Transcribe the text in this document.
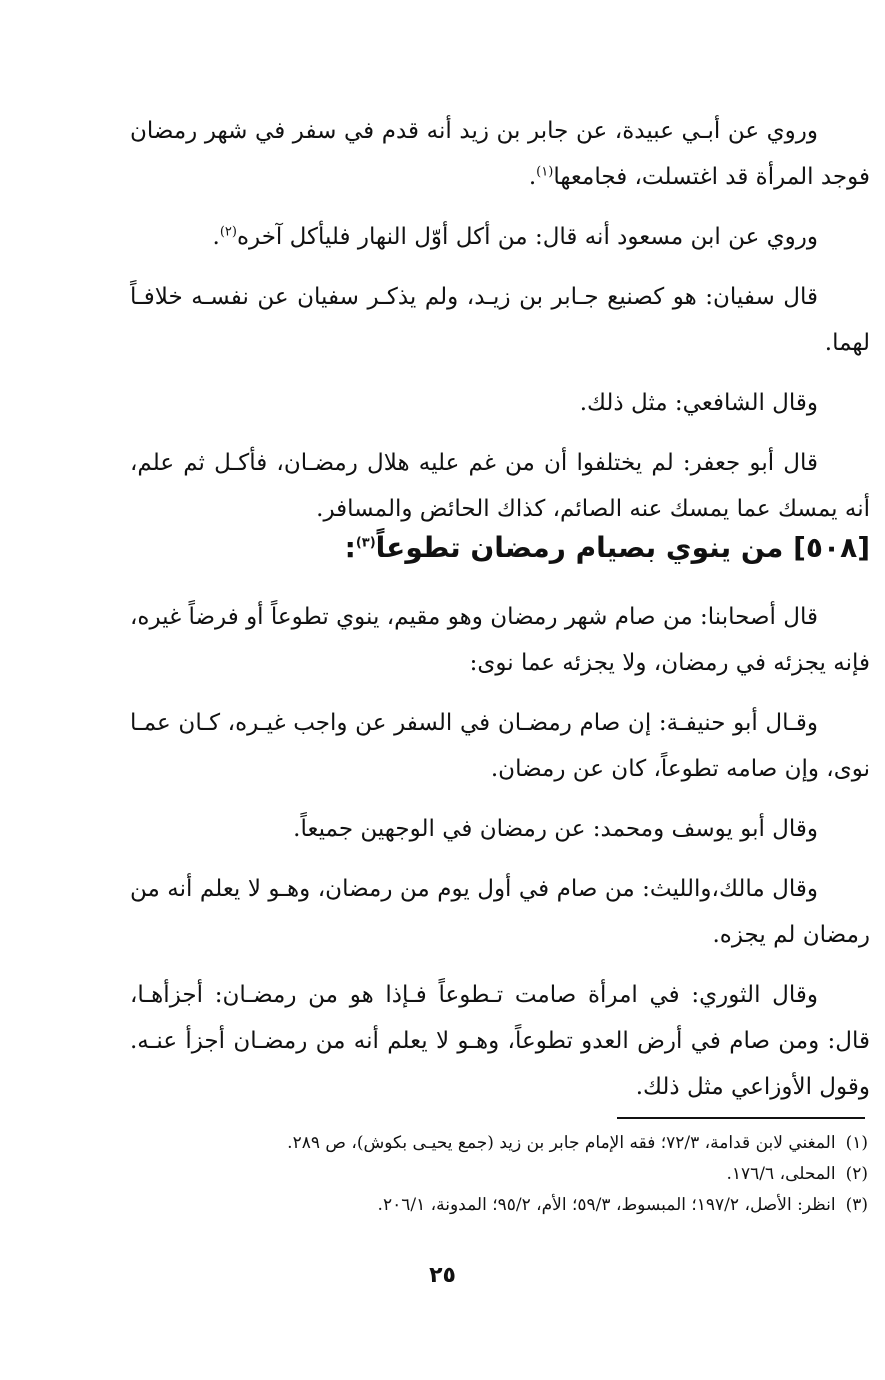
وروي عن أبـي عبيدة، عن جابر بن زيد أنه قدم في سفر في شهر رمضان فوجد المرأة قد اغتسلت، فجامعها$^{(١)}$.

وروي عن ابن مسعود أنه قال: من أكل أوّل النهار فليأكل آخره$^{(٢)}$.

قال سفيان: هو كصنيع جـابر بن زيـد، ولم يذكـر سفيان عن نفسـه خلافـاً لهما.

وقال الشافعي: مثل ذلك.

قال أبو جعفر: لم يختلفوا أن من غم عليه هلال رمضـان، فأكـل ثم علم، أنه يمسك عما يمسك عنه الصائم، كذاك الحائض والمسافر.

[٥٠٨] من ينوي بصيام رمضان تطوعاً$^{(٣)}$:

قال أصحابنا: من صام شهر رمضان وهو مقيم، ينوي تطوعاً أو فرضاً غيره، فإنه يجزئه في رمضان، ولا يجزئه عما نوى:

وقـال أبو حنيفـة: إن صام رمضـان في السفر عن واجب غيـره، كـان عمـا نوى، وإن صامه تطوعاً، كان عن رمضان.

وقال أبو يوسف ومحمد: عن رمضان في الوجهين جميعاً.

وقال مالك،والليث: من صام في أول يوم من رمضان، وهـو لا يعلم أنه من رمضان لم يجزه.

وقال الثوري: في امرأة صامت تـطوعاً فـإذا هو من رمضـان: أجزأهـا، قال: ومن صام في أرض العدو تطوعاً، وهـو لا يعلم أنه من رمضـان أجزأ عنـه. وقول الأوزاعي مثل ذلك.

(١)المغني لابن قدامة، ٧٢/٣؛ فقه الإمام جابر بن زيد (جمع يحيـى بكوش)، ص ٢٨٩.

(٢)المحلى، ١٧٦/٦.

(٣)انظر: الأصل، ١٩٧/٢؛ المبسوط، ٥٩/٣؛ الأم، ٩٥/٢؛ المدونة، ٢٠٦/١.

٢٥
